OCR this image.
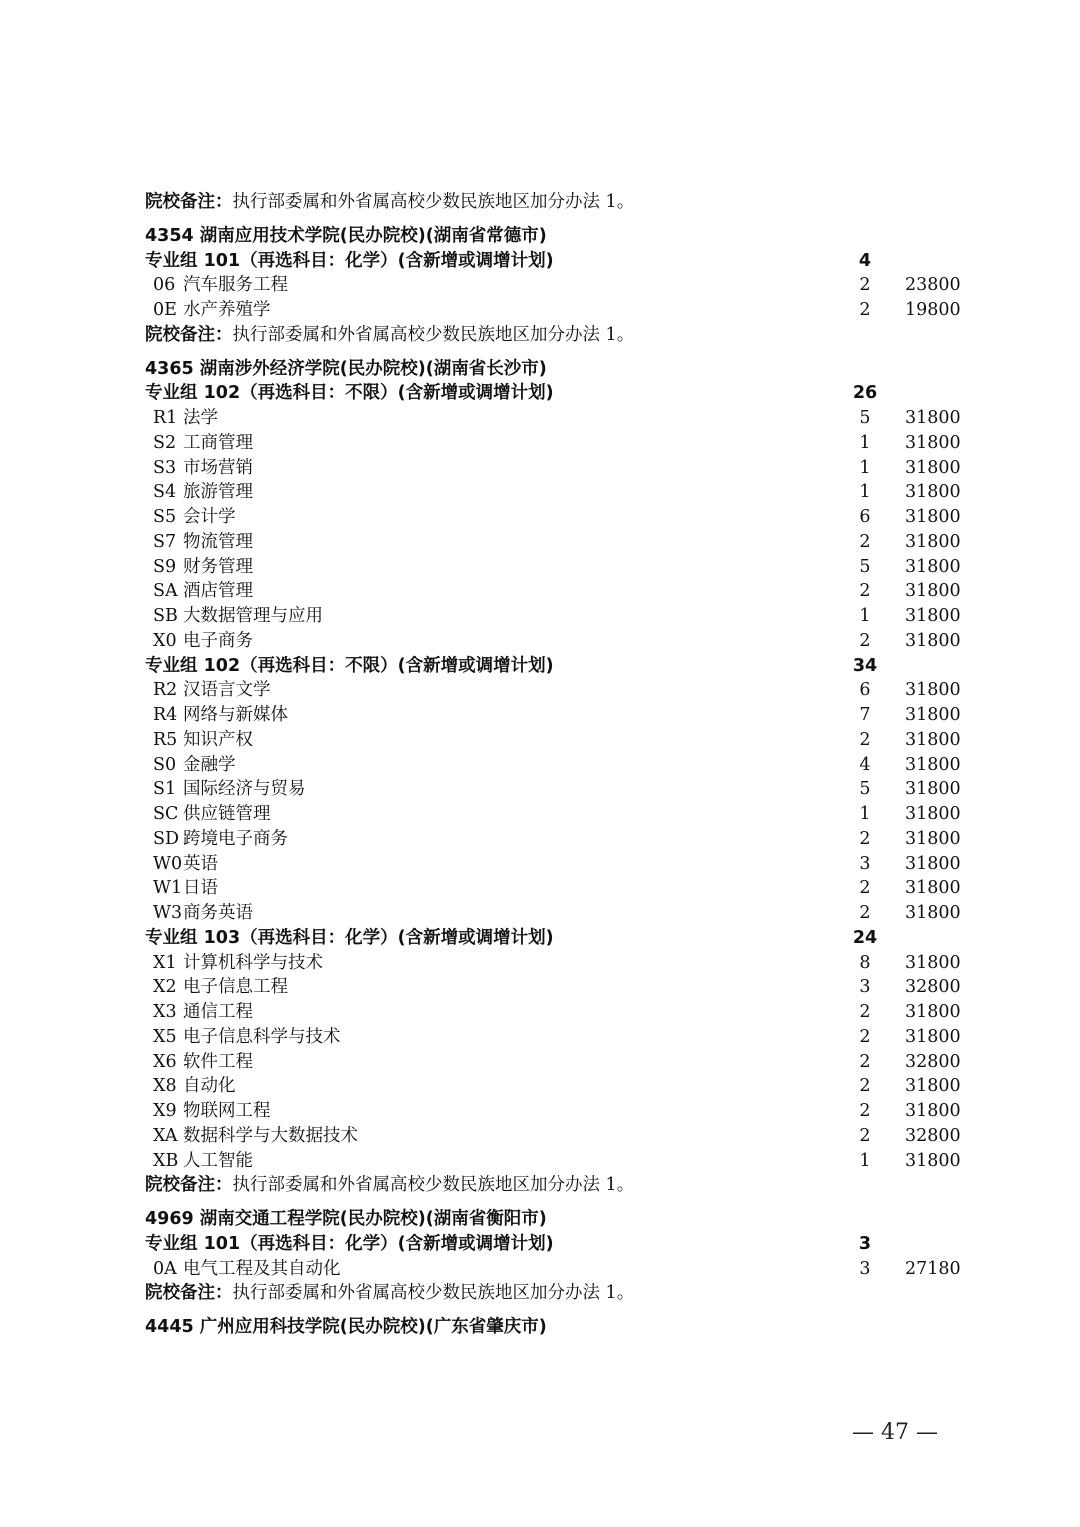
院校备注：执行部委属和外省属高校少数民族地区加分办法 1。
4354 湖南应用技术学院(民办院校)(湖南省常德市)
专业组 101（再选科目：化学）(含新增或调增计划)	4
06 汽车服务工程	2	23800
0E 水产养殖学	2	19800
院校备注：执行部委属和外省属高校少数民族地区加分办法 1。
4365 湖南涉外经济学院(民办院校)(湖南省长沙市)
专业组 102（再选科目：不限）(含新增或调增计划)	26
R1 法学	5	31800
S2 工商管理	1	31800
S3 市场营销	1	31800
S4 旅游管理	1	31800
S5 会计学	6	31800
S7 物流管理	2	31800
S9 财务管理	5	31800
SA 酒店管理	2	31800
SB 大数据管理与应用	1	31800
X0 电子商务	2	31800
专业组 102（再选科目：不限）(含新增或调增计划)	34
R2 汉语言文学	6	31800
R4 网络与新媒体	7	31800
R5 知识产权	2	31800
S0 金融学	4	31800
S1 国际经济与贸易	5	31800
SC 供应链管理	1	31800
SD 跨境电子商务	2	31800
W0英语	3	31800
W1日语	2	31800
W3商务英语	2	31800
专业组 103（再选科目：化学）(含新增或调增计划)	24
X1 计算机科学与技术	8	31800
X2 电子信息工程	3	32800
X3 通信工程	2	31800
X5 电子信息科学与技术	2	31800
X6 软件工程	2	32800
X8 自动化	2	31800
X9 物联网工程	2	31800
XA 数据科学与大数据技术	2	32800
XB 人工智能	1	31800
院校备注：执行部委属和外省属高校少数民族地区加分办法 1。
4969 湖南交通工程学院(民办院校)(湖南省衡阳市)
专业组 101（再选科目：化学）(含新增或调增计划)	3
0A 电气工程及其自动化	3	27180
院校备注：执行部委属和外省属高校少数民族地区加分办法 1。
4445 广州应用科技学院(民办院校)(广东省肇庆市)
— 47 —
